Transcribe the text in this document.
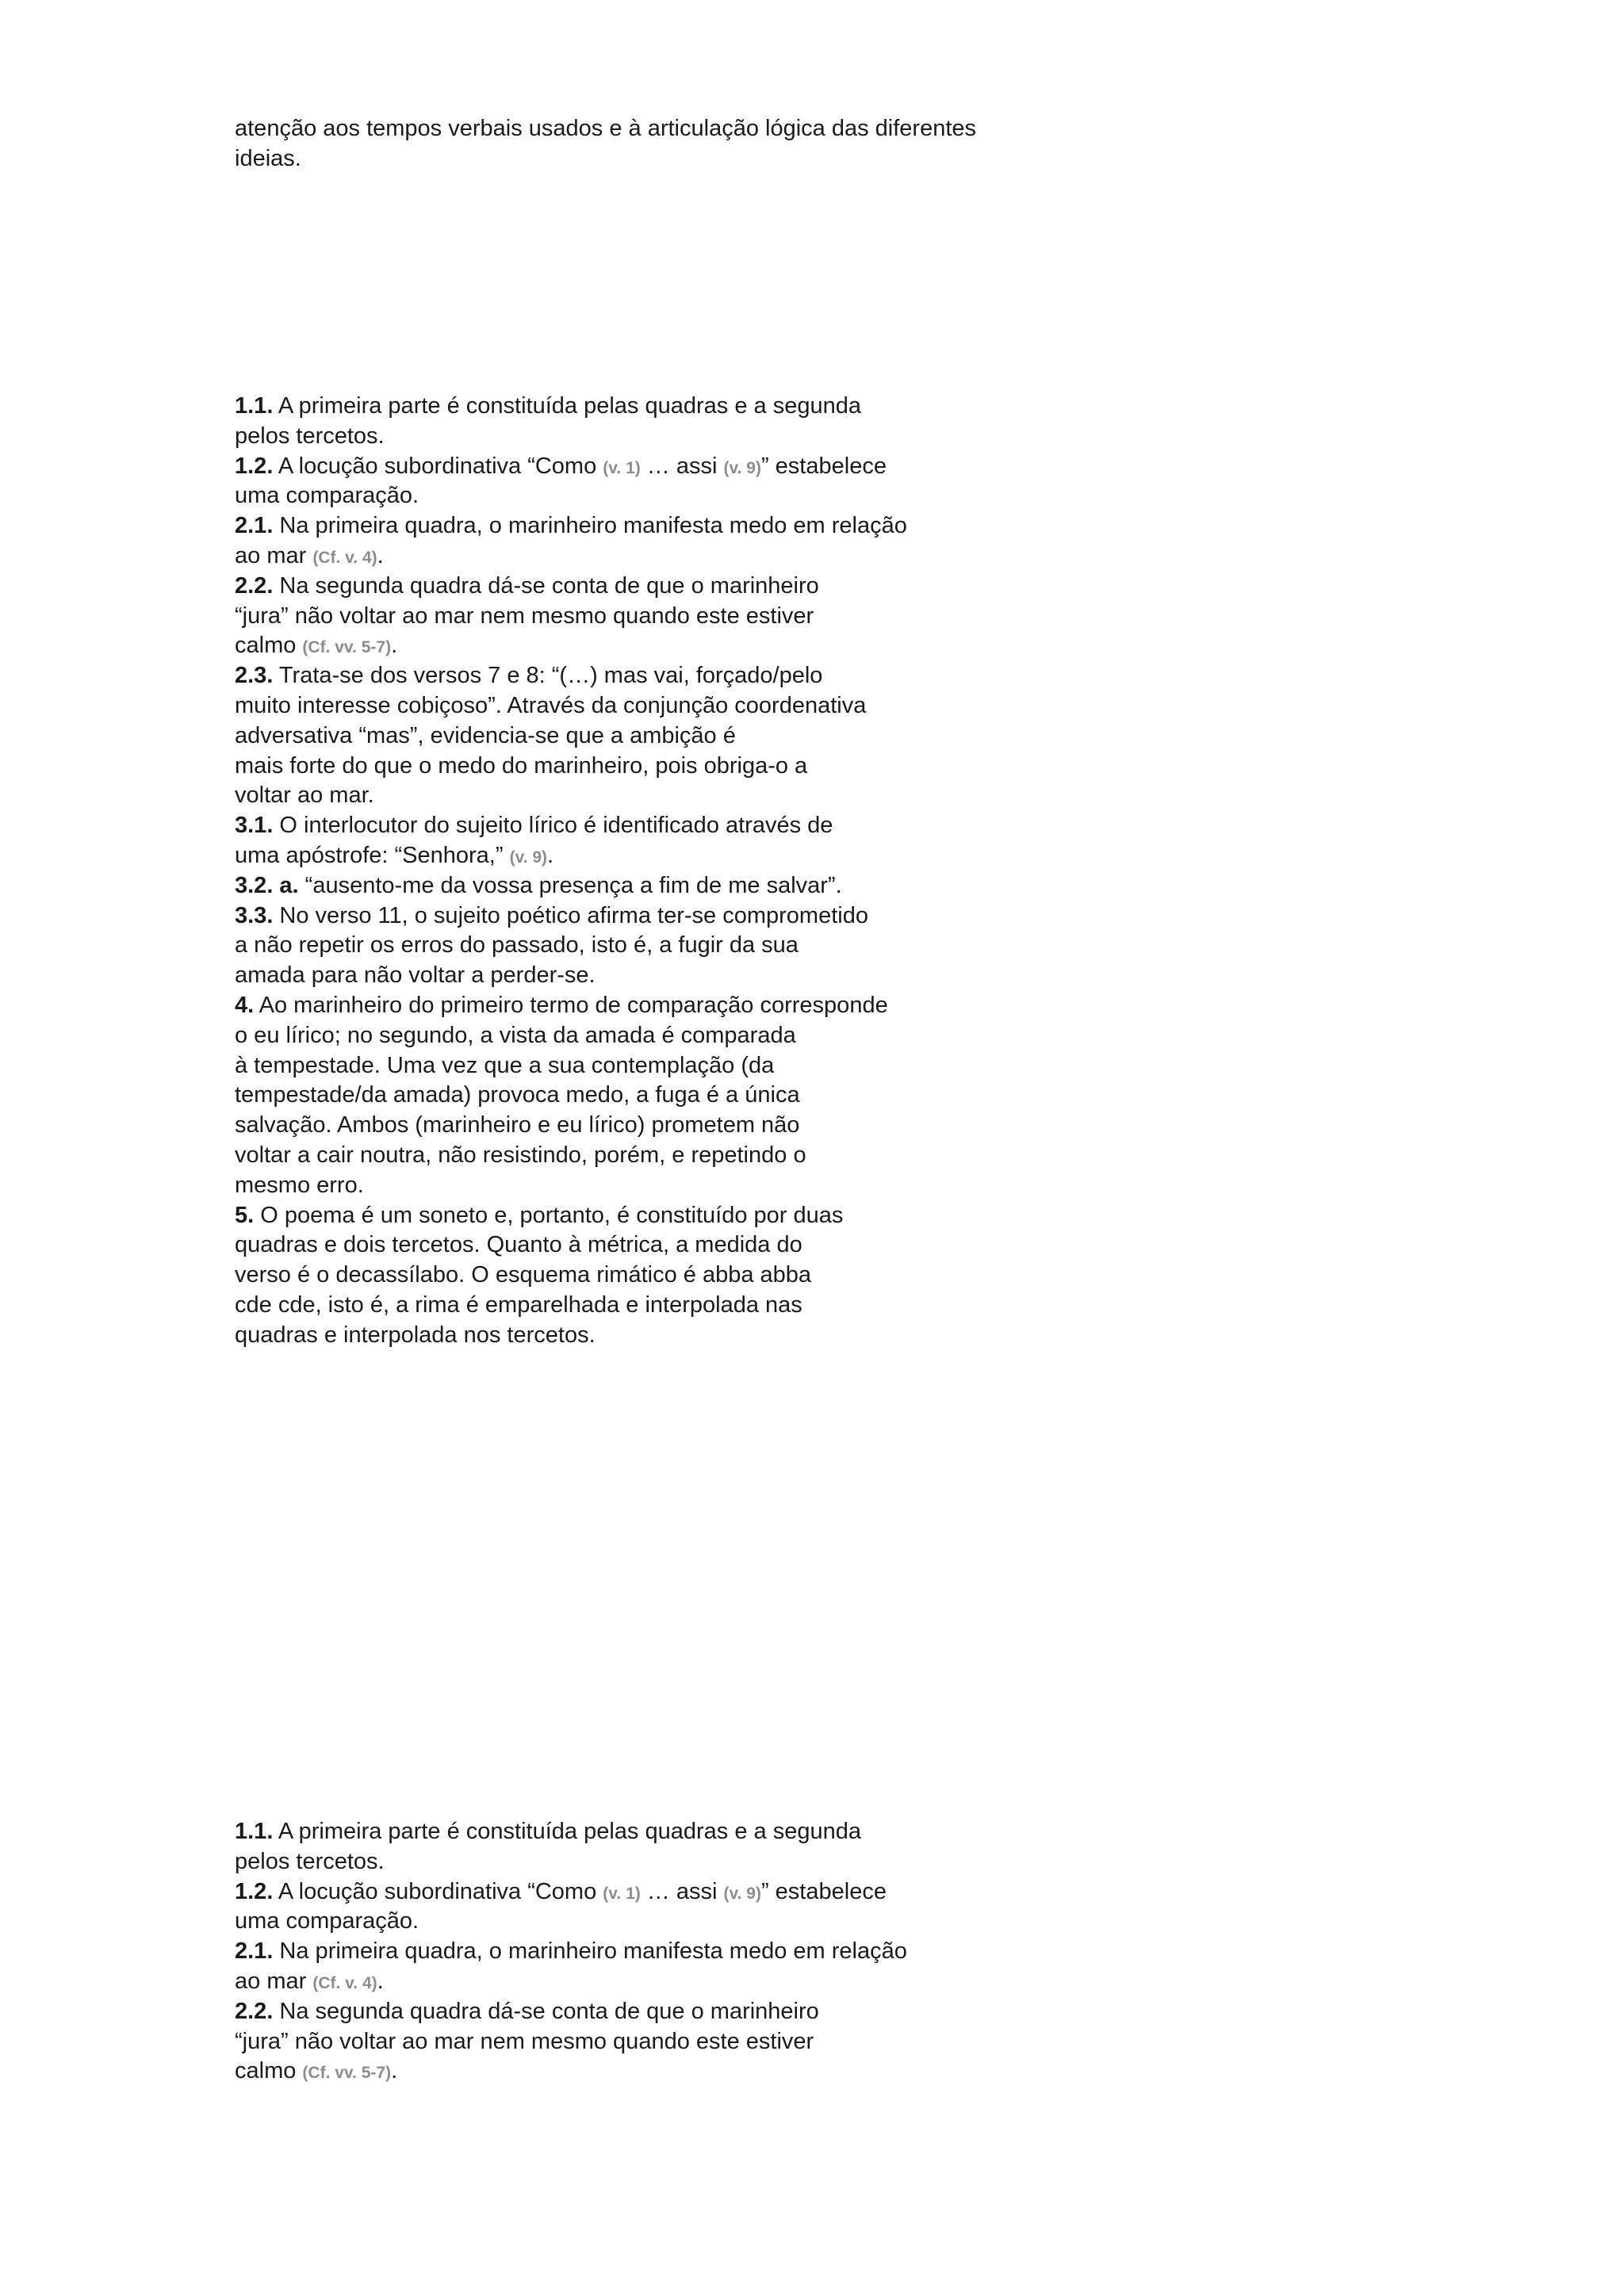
atenção aos tempos verbais usados e à articulação lógica das diferentes
ideias.
1.1. A primeira parte é constituída pelas quadras e a segunda
pelos tercetos.
1.2. A locução subordinativa “Como (v. 1) … assi (v. 9)” estabelece
uma comparação.
2.1. Na primeira quadra, o marinheiro manifesta medo em relação
ao mar (Cf. v. 4).
2.2. Na segunda quadra dá-se conta de que o marinheiro
“jura” não voltar ao mar nem mesmo quando este estiver
calmo (Cf. vv. 5-7).
2.3. Trata-se dos versos 7 e 8: “(…) mas vai, forçado/pelo
muito interesse cobiçoso”. Através da conjunção coordenativa
adversativa “mas”, evidencia-se que a ambição é
mais forte do que o medo do marinheiro, pois obriga-o a
voltar ao mar.
3.1. O interlocutor do sujeito lírico é identificado através de
uma apóstrofe: “Senhora,” (v. 9).
3.2. a. “ausento-me da vossa presença a fim de me salvar”.
3.3. No verso 11, o sujeito poético afirma ter-se comprometido
a não repetir os erros do passado, isto é, a fugir da sua
amada para não voltar a perder-se.
4. Ao marinheiro do primeiro termo de comparação corresponde
o eu lírico; no segundo, a vista da amada é comparada
à tempestade. Uma vez que a sua contemplação (da
tempestade/da amada) provoca medo, a fuga é a única
salvação. Ambos (marinheiro e eu lírico) prometem não
voltar a cair noutra, não resistindo, porém, e repetindo o
mesmo erro.
5. O poema é um soneto e, portanto, é constituído por duas
quadras e dois tercetos. Quanto à métrica, a medida do
verso é o decassílabo. O esquema rimático é abba abba
cde cde, isto é, a rima é emparelhada e interpolada nas
quadras e interpolada nos tercetos.
1.1. A primeira parte é constituída pelas quadras e a segunda
pelos tercetos.
1.2. A locução subordinativa “Como (v. 1) … assi (v. 9)” estabelece
uma comparação.
2.1. Na primeira quadra, o marinheiro manifesta medo em relação
ao mar (Cf. v. 4).
2.2. Na segunda quadra dá-se conta de que o marinheiro
“jura” não voltar ao mar nem mesmo quando este estiver
calmo (Cf. vv. 5-7).
